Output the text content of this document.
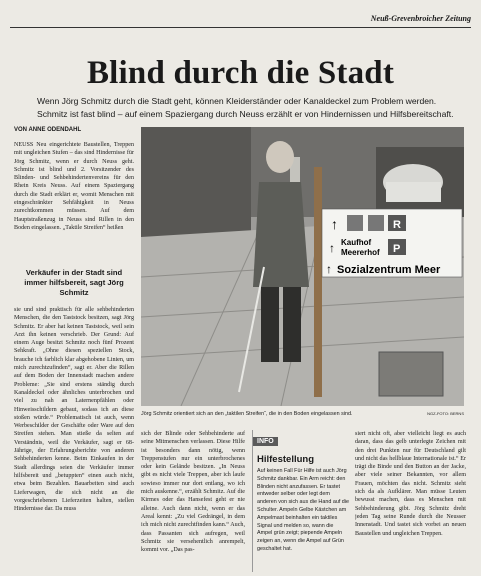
Neuß-Grevenbroicher Zeitung
Blind durch die Stadt
Wenn Jörg Schmitz durch die Stadt geht, können Kleiderständer oder Kanaldeckel zum Problem werden. Schmitz ist fast blind – auf einem Spaziergang durch Neuss erzählt er von Hindernissen und Hilfsbereitschaft.
VON ANNE ODENDAHL
NEUSS Neu eingerichtete Baustellen, Treppen mit ungleichen Stufen – das sind Hindernisse für Jörg Schmitz, wenn er durch Neuss geht. Schmitz ist blind und 2. Vorsitzender des Blinden- und Sehbehindertenvereins für den Rhein Kreis Neuss. Auf einem Spaziergang durch die Stadt erklärt er, womit Menschen mit eingeschränkter Sehfähigkeit in Neuss zurechtkommen müssen. Auf dem Hauptstraßenzug in Neuss sind Rillen in den Boden eingelassen. „Taktile Streifen“ heißen
Verkäufer in der Stadt sind immer hilfsbereit, sagt Jörg Schmitz
sie und sind praktisch für alle sehbehinderten Menschen, die den Taststock besitzen, sagt Jörg Schmitz. Er aber hat keinen Taststock, weil sein Arzt ihn keinen verschrieb. Der Grund: Auf einem Auge besitzt Schmitz noch fünf Prozent Sehkraft. „Ohne diesen speziellen Stock, brauche ich farblich klar abgehobene Linien, um mich zurechtzufinden“, sagt er. Aber die Rillen auf dem Boden der Innenstadt machen andere Probleme: „Sie sind erstens ständig durch Kanaldeckel oder ähnliches unterbrochen und viel zu nah an Laternenpfählen oder Hinweisschildern gebaut, sodass ich an diese stoßen würde.“ Problematisch ist auch, wenn Werbeschilder der Geschäfte oder Ware auf den Streifen stehen. Man stieße da selten auf Verständnis, weil die Verkäufer, sagt er 68-Jährige, der Erfahrungsberichte von anderen Sehbehinderten kenne. Beim Einkaufen in der Stadt allerdings seien die Verkäufer immer hilfsbereit und „betuppten“ einen auch nicht, etwa beim Bezahlen. Bauarbeiten sind auch Lieferwagen, die sich nicht an die vorgeschriebenen Lieferzeiten halten, stellen Hindernisse dar. Da muss
↑	R
↑ Kaufhof
Meererhof P
↑ Sozialzentrum Meer
Jörg Schmitz orientiert sich an den „taktilen Streifen“, die in den Boden eingelassen sind.	NGZ-FOTO: BERNS
sich der Blinde oder Sehbehinderte auf seine Mitmenschen verlassen. Diese Hilfe ist besonders dann nötig, wenn Treppenstufen nur ein unterbrochenes oder kein Gelände besitzen. „In Neuss gibt es nicht viele Treppen, aber ich laufe sowieso immer nur dort entlang, wo ich mich auskenne.“, erzählt Schmitz. Auf die Kirmes oder das Hansefest geht er nie alleine. Auch dann nicht, wenn er das Areal kennt: „Zu viel Gedrängel, in dem ich mich nicht zurechtfinden kann.“ Auch, dass Passanten sich aufregen, weil Schmitz sie versehentlich anrempelt, kommt vor. „Das pas-
INFO
Hilfestellung
Auf keinen Fall Für Hilfe ist auch Jörg Schmitz dankbar. Ein Arm reicht: den Blinden nicht anzufassen. Er tastet entweder selber oder legt dem anderen von sich aus die Hand auf die Schulter. Ampeln Gelbe Kästchen am Ampelmast beinhalten ein taktiles Signal und melden so, wann die Ampel grün zeigt; piepende Ampeln zeigen an, wenn die Ampel auf Grün geschaltet hat.
siert nicht oft, aber vielleicht liegt es auch daran, dass das gelb unterlegte Zeichen mit den drei Punkten nur für Deutschland gilt und nicht das hellblaue Internationale ist.“ Er trägt die Binde und den Button an der Jacke, aber viele seiner Bekannten, vor allem Frauen, möchten das nicht. Schmitz sieht sich da als Aufklärer. Man müsse Leuten bewusst machen, dass es Menschen mit Sehbehinderung gibt. Jörg Schmitz dreht jeden Tag seine Runde durch die Neusser Innenstadt. Und tastet sich vorbei an neuen Baustellen und ungleichen Treppen.
